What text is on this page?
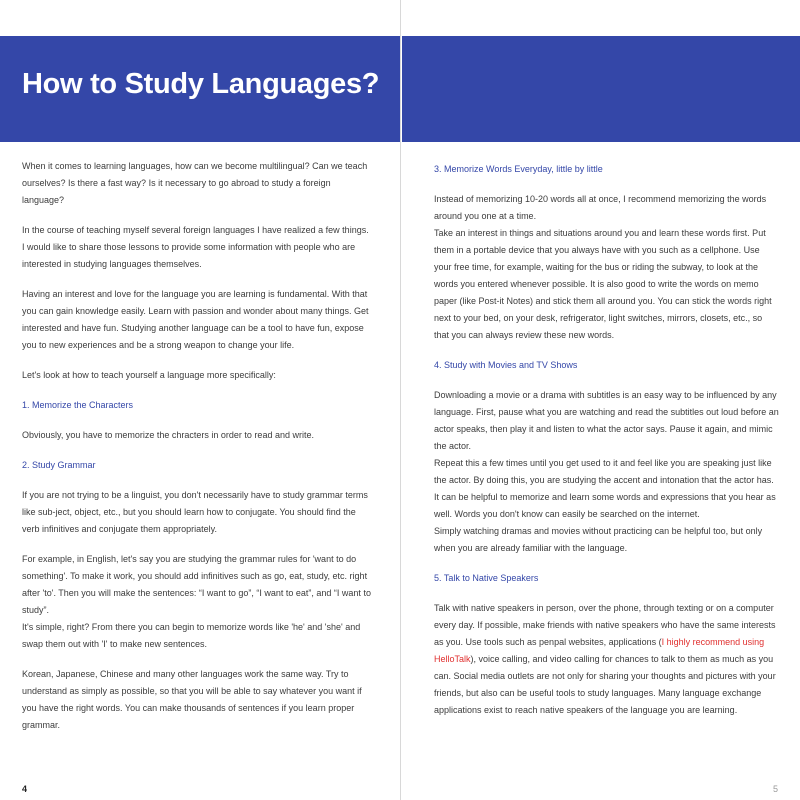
How to Study Languages?

When it comes to learning languages, how can we become multilingual? Can we teach ourselves? Is there a fast way? Is it necessary to go abroad to study a foreign language?

In the course of teaching myself several foreign languages I have realized a few things. I would like to share those lessons to provide some information with people who are interested in studying languages themselves.

Having an interest and love for the language you are learning is fundamental. With that you can gain knowledge easily. Learn with passion and wonder about many things. Get interested and have fun. Studying another language can be a tool to have fun, expose you to new experiences and be a strong weapon to change your life.

Let's look at how to teach yourself a language more specifically:

1. Memorize the Characters

Obviously, you have to memorize the chracters in order to read and write.

2. Study Grammar

If you are not trying to be a linguist, you don't necessarily have to study grammar terms like sub-ject, object, etc., but you should learn how to conjugate. You should find the verb infinitives and conjugate them appropriately.

For example, in English, let's say you are studying the grammar rules for 'want to do something'. To make it work, you should add infinitives such as go, eat, study, etc. right after 'to'. Then you will make the sentences: “I want to go”, “I want to eat”, and “I want to study”.

It's simple, right? From there you can begin to memorize words like 'he' and 'she' and swap them out with 'I' to make new sentences.

Korean, Japanese, Chinese and many other languages work the same way. Try to understand as simply as possible, so that you will be able to say whatever you want if you have the right words. You can make thousands of sentences if you learn proper grammar.

4
3. Memorize Words Everyday, little by little

Instead of memorizing 10-20 words all at once, I recommend memorizing the words around you one at a time.

Take an interest in things and situations around you and learn these words first. Put them in a portable device that you always have with you such as a cellphone. Use your free time, for example, waiting for the bus or riding the subway, to look at the words you entered whenever possible. It is also good to write the words on memo paper (like Post-it Notes) and stick them all around you. You can stick the words right next to your bed, on your desk, refrigerator, light switches, mirrors, closets, etc., so that you can always review these new words.

4. Study with Movies and TV Shows

Downloading a movie or a drama with subtitles is an easy way to be influenced by any language. First, pause what you are watching and read the subtitles out loud before an actor speaks, then play it and listen to what the actor says. Pause it again, and mimic the actor.

Repeat this a few times until you get used to it and feel like you are speaking just like the actor. By doing this, you are studying the accent and intonation that the actor has. It can be helpful to memorize and learn some words and expressions that you hear as well. Words you don't know can easily be searched on the internet.

Simply watching dramas and movies without practicing can be helpful too, but only when you are already familiar with the language.

5. Talk to Native Speakers

Talk with native speakers in person, over the phone, through texting or on a computer every day. If possible, make friends with native speakers who have the same interests as you. Use tools such as penpal websites, applications (I highly recommend using HelloTalk), voice calling, and video calling for chances to talk to them as much as you can. Social media outlets are not only for sharing your thoughts and pictures with your friends, but also can be useful tools to study languages. Many language exchange applications exist to reach native speakers of the language you are learning.

5
